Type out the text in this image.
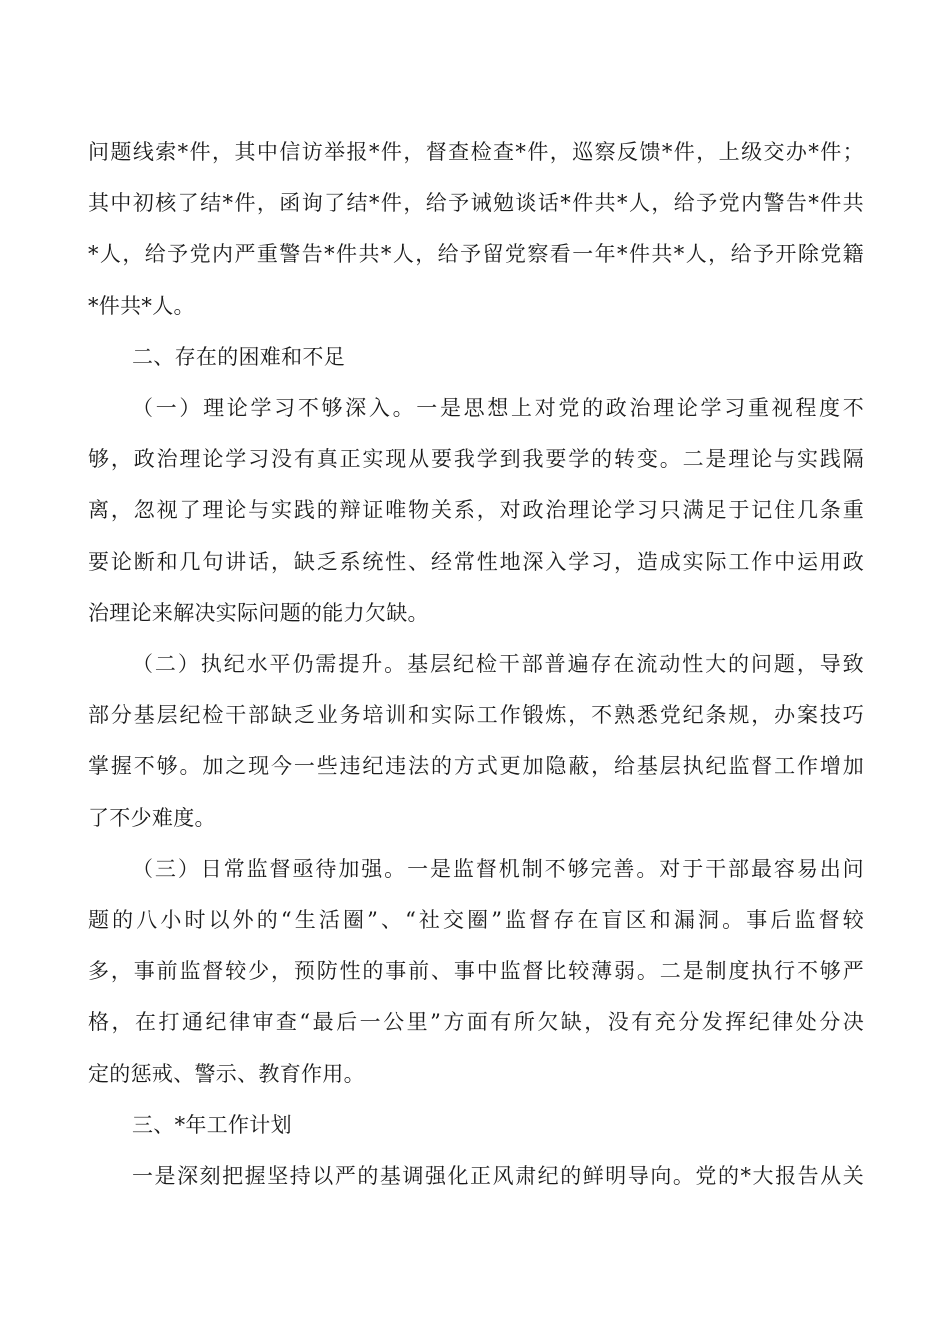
问题线索*件，其中信访举报*件，督查检查*件，巡察反馈*件，上级交办*件；
其中初核了结*件，函询了结*件，给予诫勉谈话*件共*人，给予党内警告*件共
*人，给予党内严重警告*件共*人，给予留党察看一年*件共*人，给予开除党籍
*件共*人。

二、存在的困难和不足

（一）理论学习不够深入。一是思想上对党的政治理论学习重视程度不
够，政治理论学习没有真正实现从要我学到我要学的转变。二是理论与实践隔
离，忽视了理论与实践的辩证唯物关系，对政治理论学习只满足于记住几条重
要论断和几句讲话，缺乏系统性、经常性地深入学习，造成实际工作中运用政
治理论来解决实际问题的能力欠缺。

（二）执纪水平仍需提升。基层纪检干部普遍存在流动性大的问题，导致
部分基层纪检干部缺乏业务培训和实际工作锻炼，不熟悉党纪条规，办案技巧
掌握不够。加之现今一些违纪违法的方式更加隐蔽，给基层执纪监督工作增加
了不少难度。

（三）日常监督亟待加强。一是监督机制不够完善。对于干部最容易出问
题的八小时以外的“生活圈”、“社交圈”监督存在盲区和漏洞。事后监督较
多，事前监督较少，预防性的事前、事中监督比较薄弱。二是制度执行不够严
格，在打通纪律审查“最后一公里”方面有所欠缺，没有充分发挥纪律处分决
定的惩戒、警示、教育作用。

三、*年工作计划

一是深刻把握坚持以严的基调强化正风肃纪的鲜明导向。党的*大报告从关
